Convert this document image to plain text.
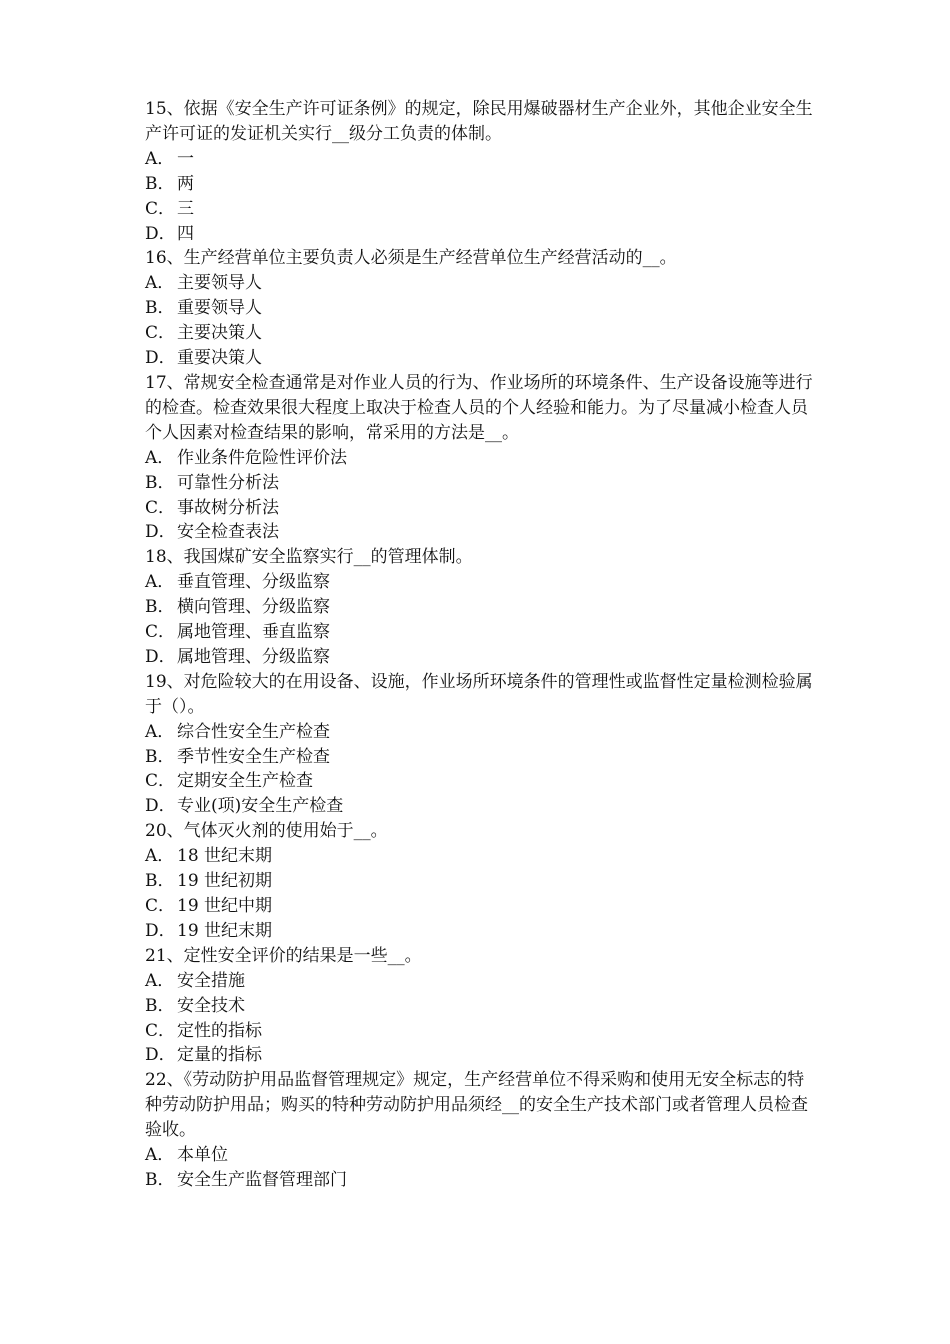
15、依据《安全生产许可证条例》的规定，除民用爆破器材生产企业外，其他企业安全生产许可证的发证机关实行__级分工负责的体制。
A． 一
B． 两
C． 三
D．四
16、生产经营单位主要负责人必须是生产经营单位生产经营活动的__。
A． 主要领导人
B． 重要领导人
C． 主要决策人
D．重要决策人
17、常规安全检查通常是对作业人员的行为、作业场所的环境条件、生产设备设施等进行的检查。检查效果很大程度上取决于检查人员的个人经验和能力。为了尽量减小检查人员个人因素对检查结果的影响，常采用的方法是__。
A． 作业条件危险性评价法
B． 可靠性分析法
C． 事故树分析法
D．安全检查表法
18、我国煤矿安全监察实行__的管理体制。
A． 垂直管理、分级监察
B． 横向管理、分级监察
C． 属地管理、垂直监察
D．属地管理、分级监察
19、对危险较大的在用设备、设施，作业场所环境条件的管理性或监督性定量检测检验属于（）。
A． 综合性安全生产检查
B． 季节性安全生产检查
C． 定期安全生产检查
D．专业(项)安全生产检查
20、气体灭火剂的使用始于__。
A． 18 世纪末期
B． 19 世纪初期
C． 19 世纪中期
D．19 世纪末期
21、定性安全评价的结果是一些__。
A． 安全措施
B． 安全技术
C． 定性的指标
D．定量的指标
22、《劳动防护用品监督管理规定》规定，生产经营单位不得采购和使用无安全标志的特种劳动防护用品；购买的特种劳动防护用品须经__的安全生产技术部门或者管理人员检查验收。
A． 本单位
B． 安全生产监督管理部门
